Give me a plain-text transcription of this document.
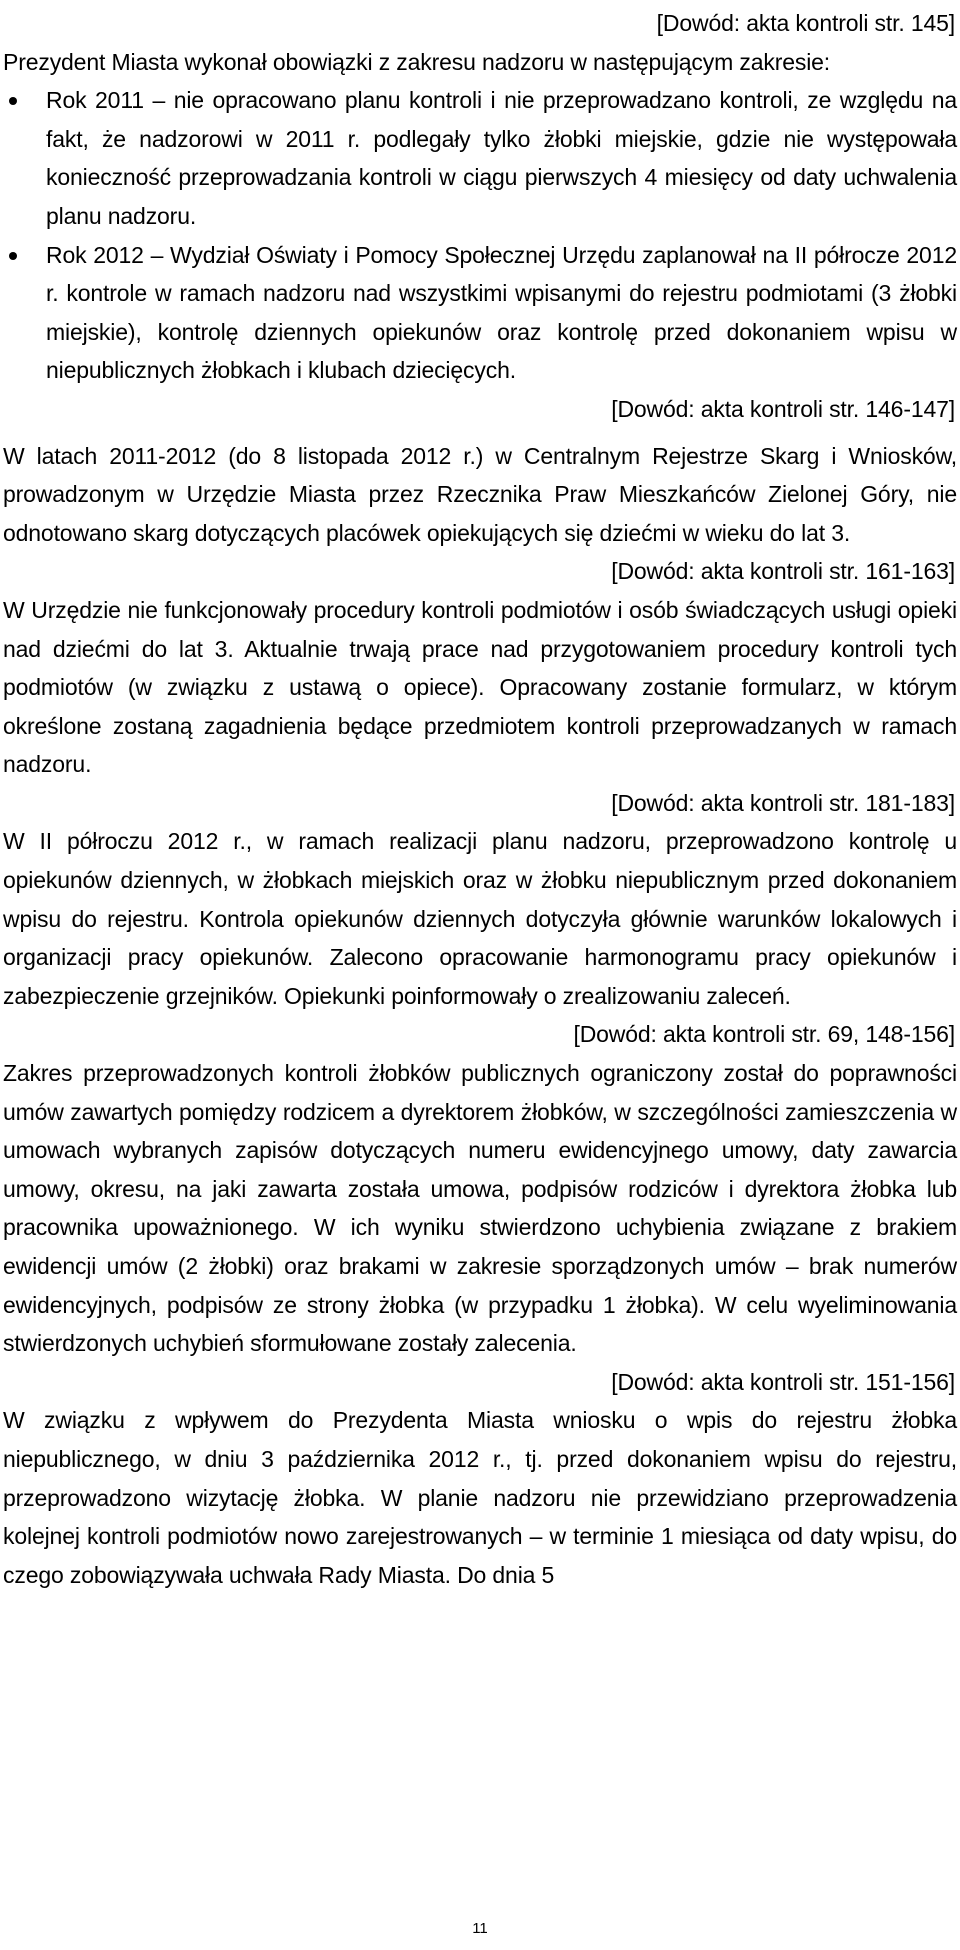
[Dowód: akta kontroli str. 145]

Prezydent Miasta wykonał obowiązki z zakresu nadzoru w następującym zakresie:

Rok 2011 – nie opracowano planu kontroli i nie przeprowadzano kontroli, ze względu na fakt, że nadzorowi w 2011 r. podlegały tylko żłobki miejskie, gdzie nie występowała konieczność przeprowadzania kontroli w ciągu pierwszych 4 miesięcy od daty uchwalenia planu nadzoru.
Rok 2012 – Wydział Oświaty i Pomocy Społecznej Urzędu zaplanował na II półrocze 2012 r. kontrole w ramach nadzoru nad wszystkimi wpisanymi do rejestru podmiotami (3 żłobki miejskie), kontrolę dziennych opiekunów oraz kontrolę przed dokonaniem wpisu w niepublicznych żłobkach i klubach dziecięcych.

[Dowód: akta kontroli str. 146-147]

W latach 2011-2012 (do 8 listopada 2012 r.) w Centralnym Rejestrze Skarg i Wniosków, prowadzonym w Urzędzie Miasta przez Rzecznika Praw Mieszkańców Zielonej Góry, nie odnotowano skarg dotyczących placówek opiekujących się dziećmi w wieku do lat 3.

[Dowód: akta kontroli str. 161-163]

W Urzędzie nie funkcjonowały procedury kontroli podmiotów i osób świadczących usługi opieki nad dziećmi do lat 3. Aktualnie trwają prace nad przygotowaniem procedury kontroli tych podmiotów (w związku z ustawą o opiece). Opracowany zostanie formularz, w którym określone zostaną zagadnienia będące przedmiotem kontroli przeprowadzanych w ramach nadzoru.

[Dowód: akta kontroli str. 181-183]

W II półroczu 2012 r., w ramach realizacji planu nadzoru, przeprowadzono kontrolę u opiekunów dziennych, w żłobkach miejskich oraz w żłobku niepublicznym przed dokonaniem wpisu do rejestru. Kontrola opiekunów dziennych dotyczyła głównie warunków lokalowych i organizacji pracy opiekunów. Zalecono opracowanie harmonogramu pracy opiekunów i zabezpieczenie grzejników. Opiekunki poinformowały o zrealizowaniu zaleceń.

[Dowód: akta kontroli str. 69, 148-156]

Zakres przeprowadzonych kontroli żłobków publicznych ograniczony został do poprawności umów zawartych pomiędzy rodzicem a dyrektorem żłobków, w szczególności zamieszczenia w umowach wybranych zapisów dotyczących numeru ewidencyjnego umowy, daty zawarcia umowy, okresu, na jaki zawarta została umowa, podpisów rodziców i dyrektora żłobka lub pracownika upoważnionego. W ich wyniku stwierdzono uchybienia związane z brakiem ewidencji umów (2 żłobki) oraz brakami w zakresie sporządzonych umów – brak numerów ewidencyjnych, podpisów ze strony żłobka (w przypadku 1 żłobka). W celu wyeliminowania stwierdzonych uchybień sformułowane zostały zalecenia.

[Dowód: akta kontroli str. 151-156]

W związku z wpływem do Prezydenta Miasta wniosku o wpis do rejestru żłobka niepublicznego, w dniu 3 października 2012 r., tj. przed dokonaniem wpisu do rejestru, przeprowadzono wizytację żłobka. W planie nadzoru nie przewidziano przeprowadzenia kolejnej kontroli podmiotów nowo zarejestrowanych – w terminie 1 miesiąca od daty wpisu, do czego zobowiązywała uchwała Rady Miasta. Do dnia 5

11
